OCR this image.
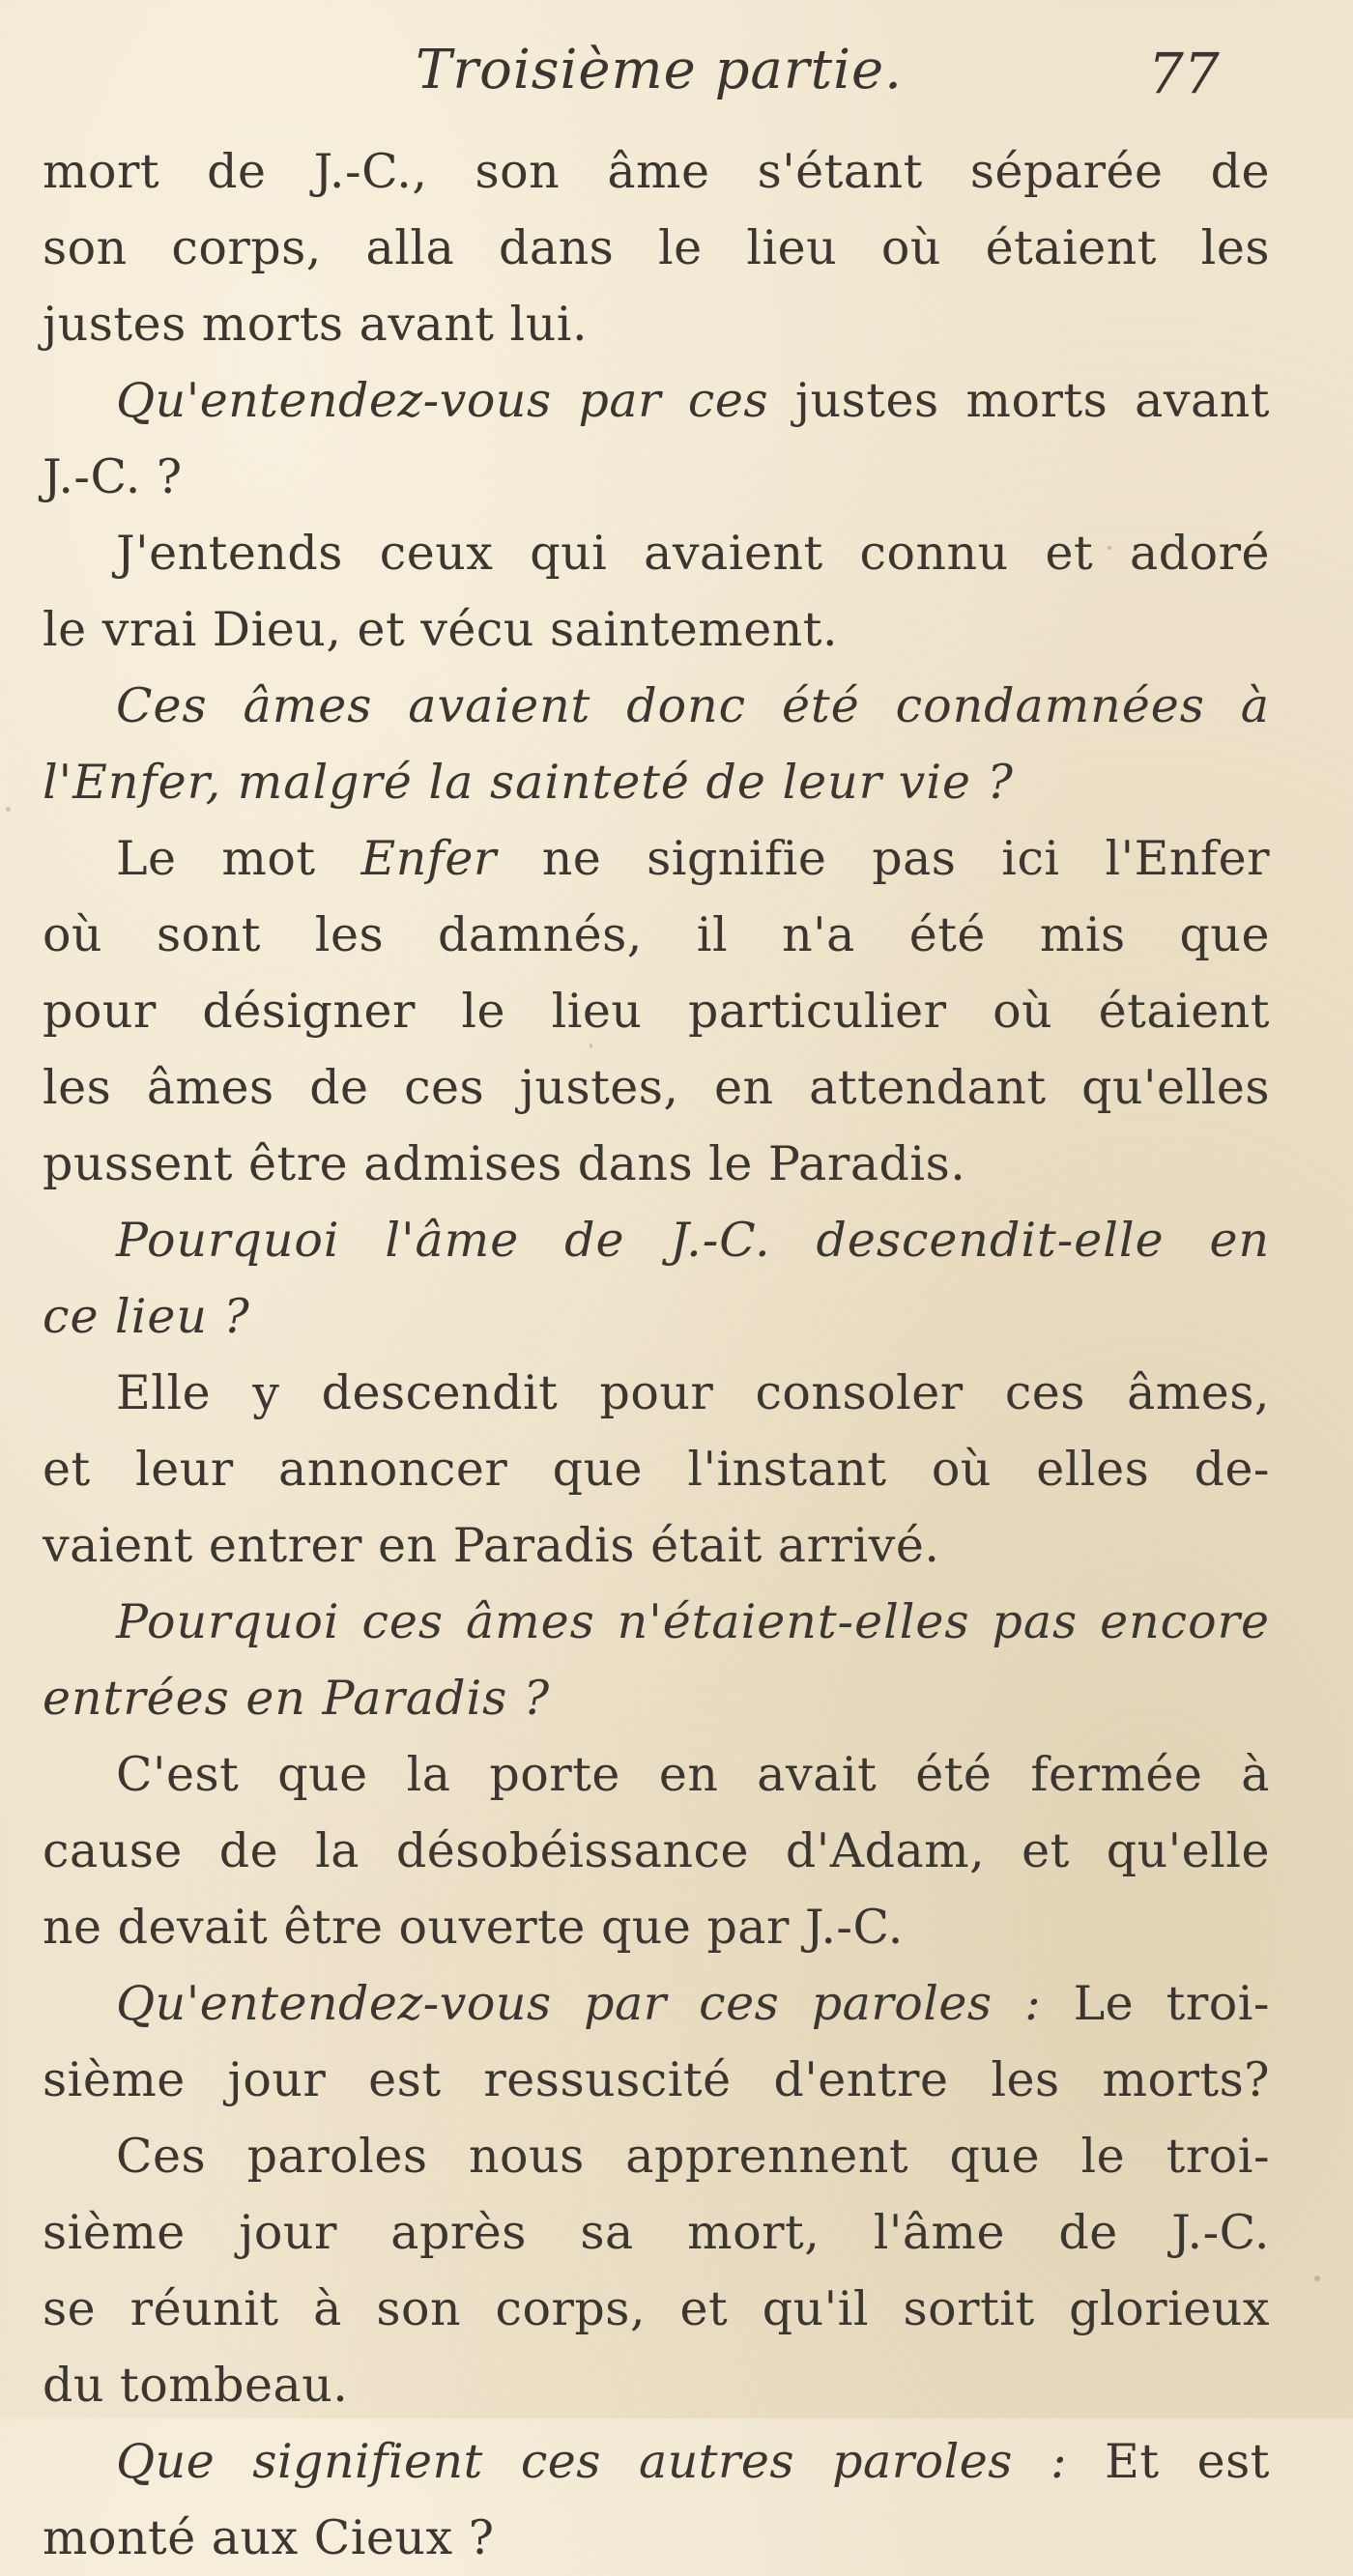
Troisième partie.	77
mort de J.-C., son âme s'étant séparée de
son corps, alla dans le lieu où étaient les
justes morts avant lui.
Qu'entendez-vous par ces justes morts avant
J.-C. ?
J'entends ceux qui avaient connu et adoré
le vrai Dieu, et vécu saintement.
Ces âmes avaient donc été condamnées à
l'Enfer, malgré la sainteté de leur vie ?
Le mot Enfer ne signifie pas ici l'Enfer
où sont les damnés, il n'a été mis que
pour désigner le lieu particulier où étaient
les âmes de ces justes, en attendant qu'elles
pussent être admises dans le Paradis.
Pourquoi l'âme de J.-C. descendit-elle en
ce lieu ?
Elle y descendit pour consoler ces âmes,
et leur annoncer que l'instant où elles de-
vaient entrer en Paradis était arrivé.
Pourquoi ces âmes n'étaient-elles pas encore
entrées en Paradis ?
C'est que la porte en avait été fermée à
cause de la désobéissance d'Adam, et qu'elle
ne devait être ouverte que par J.-C.
Qu'entendez-vous par ces paroles : Le troi-
sième jour est ressuscité d'entre les morts?
Ces paroles nous apprennent que le troi-
sième jour après sa mort, l'âme de J.-C.
se réunit à son corps, et qu'il sortit glorieux
du tombeau.
Que signifient ces autres paroles : Et est
monté aux Cieux ?
